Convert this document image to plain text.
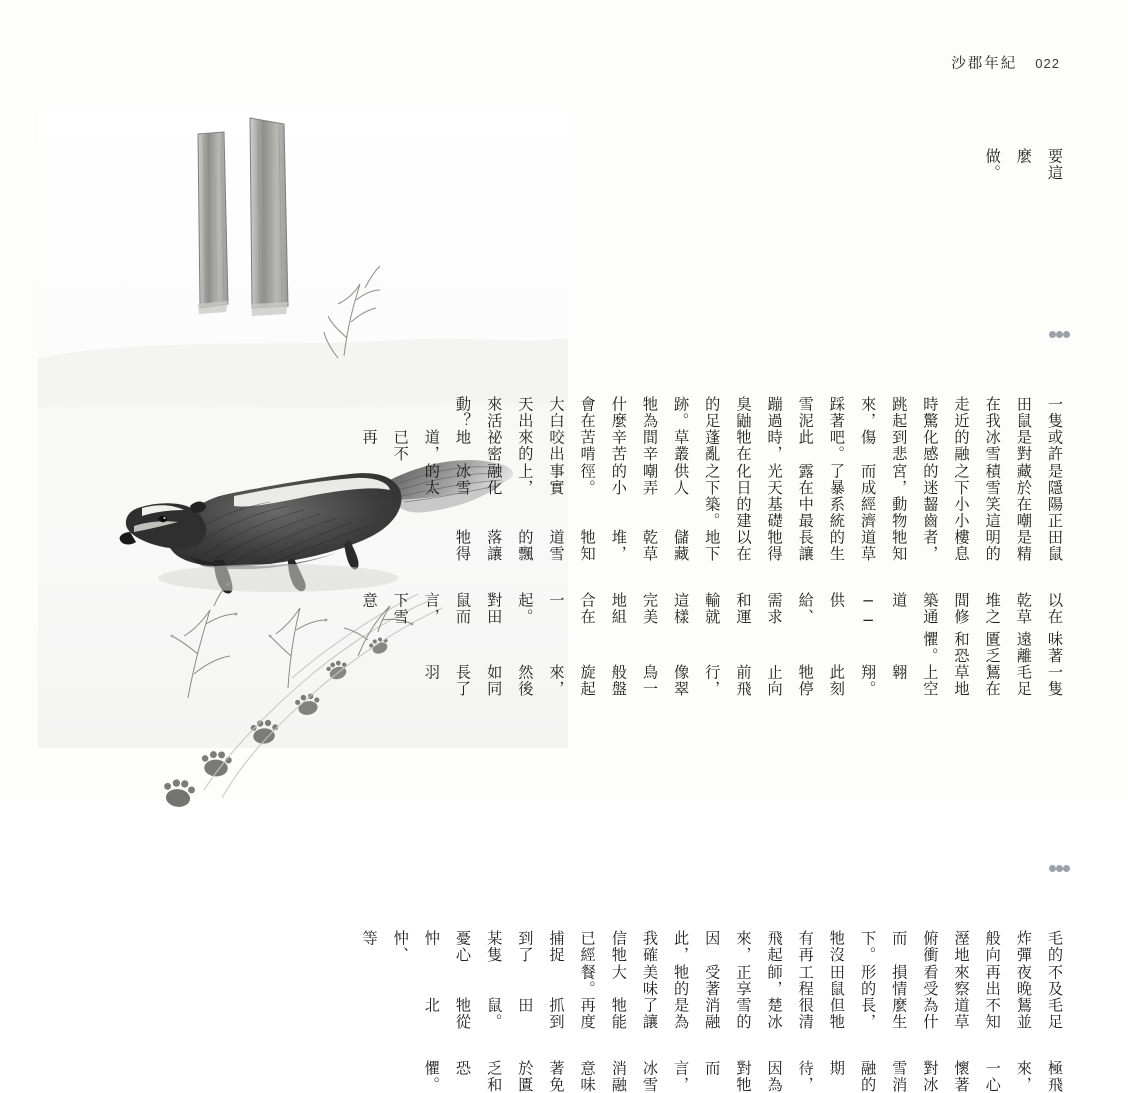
沙郡年紀 022
要這麼做。
一隻田鼠在我走近時驚跳起來，踩著雪泥蹦過臭鼬的足跡。牠為什麼會在大白天出來活動？
或許是對冰雪的融化感到悲傷吧。此時，牠在蓬亂草叢間辛辛苦苦啃咬出來的祕密地道，已不再
是隱藏於積雪之下的迷宮，而成了暴露在光天化日之下供人嘲弄的小徑。事實上，融化冰雪的太
陽正在嘲笑這小小齧齒動物經濟系統中最基礎的建築。
田鼠是精明的樓息者，牠知道草的生長讓牠得以在地下儲藏乾草堆，牠知道雪的飄落讓牠得
以在乾草堆之間修築通道──供給、需求和運輸就這樣完美地組合在一起。對田鼠而言，下雪意
味著遠離匱乏和恐懼。
一隻毛足鵟在草地上空翱翔。此刻牠停止向前飛行，像翠鳥一般盤旋起來，然後如同長了羽
毛的炸彈般向溼地俯衝而下。牠沒有再飛起來，因此，我確信牠已經捕捉到了某隻憂心忡忡、等
不及夜晚再出來察看受損情形的田鼠工程師，正享受著牠的美味大餐。
毛足鵟並不知道草為什麼生長，但牠很清楚冰雪的消融是為了讓牠能再度抓到田鼠。牠從北
極飛來，一心懷著對冰雪消融的期待，因為對牠而言，冰雪消融意味著免於匱乏和恐懼。
